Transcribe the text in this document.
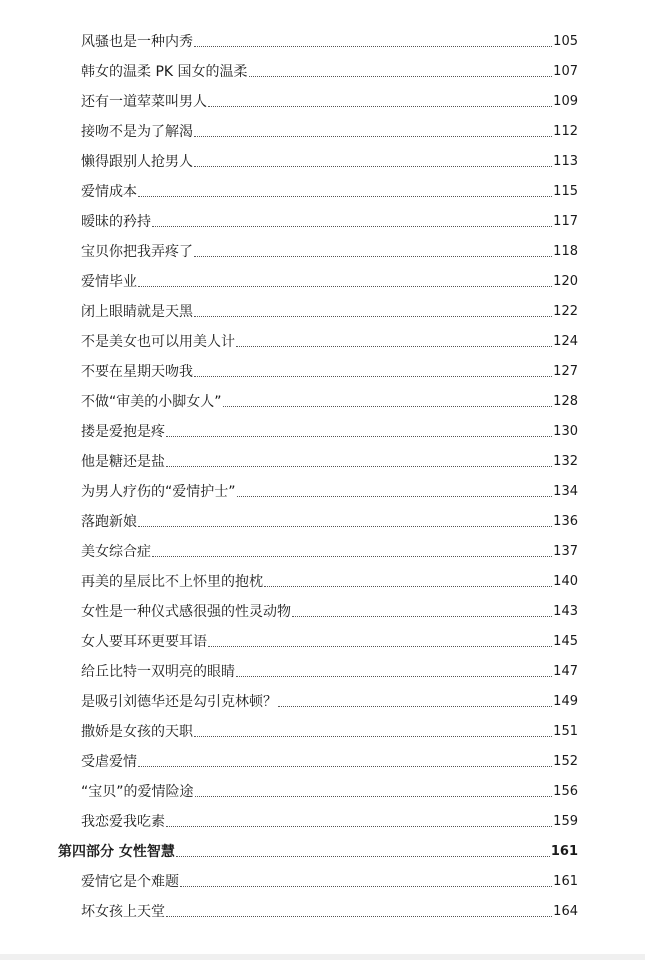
风骚也是一种内秀	105
韩女的温柔 PK 国女的温柔	107
还有一道荤菜叫男人	109
接吻不是为了解渴	112
懒得跟别人抢男人	113
爱情成本	115
暧昧的矜持	117
宝贝你把我弄疼了	118
爱情毕业	120
闭上眼睛就是天黑	122
不是美女也可以用美人计	124
不要在星期天吻我	127
不做“审美的小脚女人”	128
搂是爱抱是疼	130
他是糖还是盐	132
为男人疗伤的“爱情护士”	134
落跑新娘	136
美女综合症	137
再美的星辰比不上怀里的抱枕	140
女性是一种仪式感很强的性灵动物	143
女人要耳环更要耳语	145
给丘比特一双明亮的眼睛	147
是吸引刘德华还是勾引克林顿？	149
撒娇是女孩的天职	151
受虐爱情	152
“宝贝”的爱情险途	156
我恋爱我吃素	159
第四部分 女性智慧	161
爱情它是个难题	161
坏女孩上天堂	164
